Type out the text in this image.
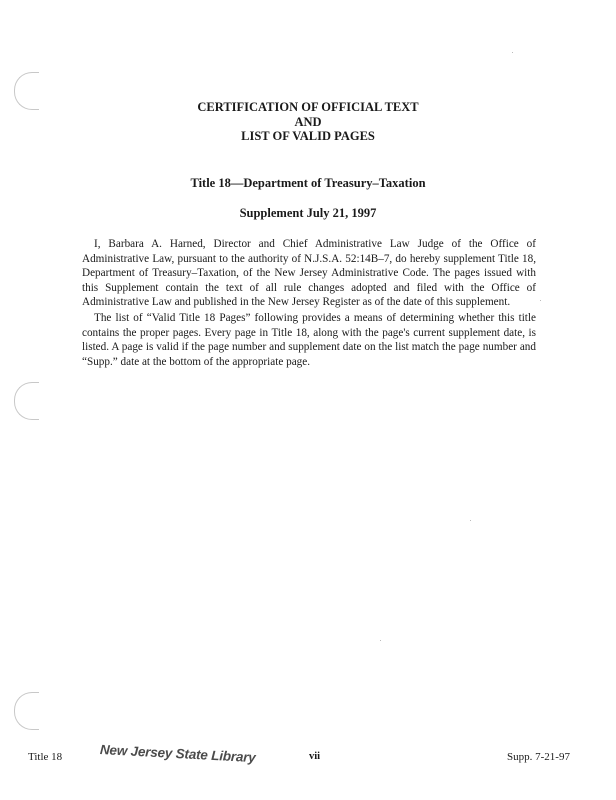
CERTIFICATION OF OFFICIAL TEXT
AND
LIST OF VALID PAGES
Title 18—Department of Treasury–Taxation
Supplement July 21, 1997

I, Barbara A. Harned, Director and Chief Administrative Law Judge of the Office of Administrative Law, pursuant to the authority of N.J.S.A. 52:14B–7, do hereby supplement Title 18, Department of Treasury–Taxation, of the New Jersey Administrative Code. The pages issued with this Supplement contain the text of all rule changes adopted and filed with the Office of Administrative Law and published in the New Jersey Register as of the date of this supplement.

The list of “Valid Title 18 Pages” following provides a means of determining whether this title contains the proper pages. Every page in Title 18, along with the page's current supplement date, is listed. A page is valid if the page number and supplement date on the list match the page number and “Supp.” date at the bottom of the appropriate page.

Title 18	New Jersey State Library	vii	Supp. 7-21-97
